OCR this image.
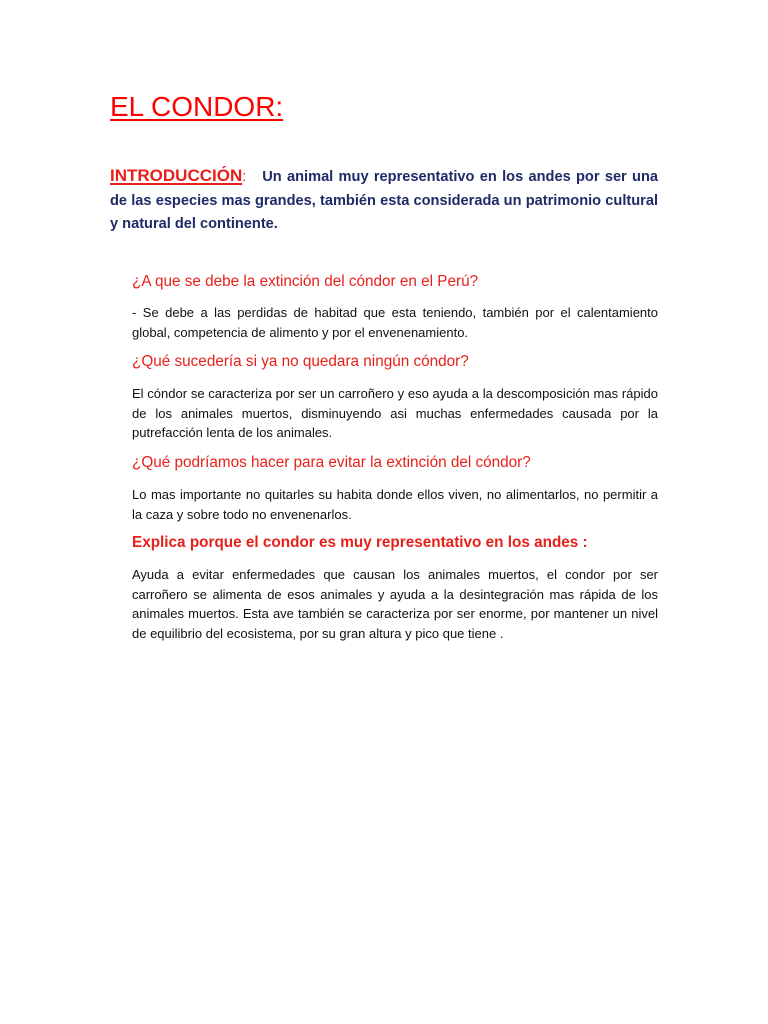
EL CONDOR:

INTRODUCCIÓN: Un animal muy representativo en los andes por ser una de las especies mas grandes, también esta considerada un patrimonio cultural y natural del continente.

¿A que se debe la extinción del cóndor en el Perú?

- Se debe a las perdidas de habitad que esta teniendo, también por el calentamiento global, competencia de alimento y por el envenenamiento.

¿Qué sucedería si ya no quedara ningún cóndor?

El cóndor se caracteriza por ser un carroñero y eso ayuda a la descomposición mas rápido de los animales muertos, disminuyendo asi muchas enfermedades causada por la putrefacción lenta de los animales.

¿Qué podríamos hacer para evitar la extinción del cóndor?

Lo mas importante no quitarles su habita donde ellos viven, no alimentarlos, no permitir a la caza y sobre todo no envenenarlos.

Explica porque el condor es muy representativo en los andes :

Ayuda a evitar enfermedades que causan los animales muertos, el condor por ser carroñero se alimenta de esos animales y ayuda a la desintegración mas rápida de los animales muertos. Esta ave también se caracteriza por ser enorme, por mantener un nivel de equilibrio del ecosistema, por su gran altura y pico que tiene .
